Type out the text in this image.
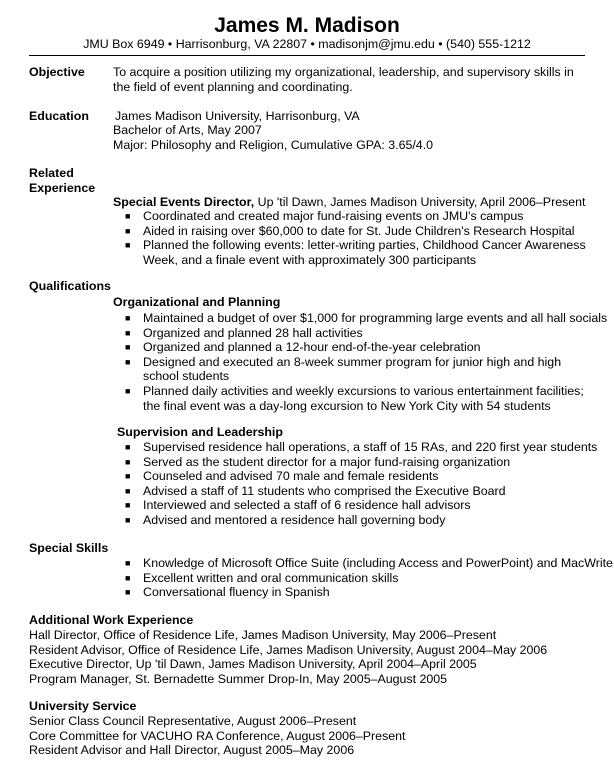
James M. Madison
JMU Box 6949 • Harrisonburg, VA 22807 • madisonjm@jmu.edu • (540) 555-1212
Objective To acquire a position utilizing my organizational, leadership, and supervisory skills in
the field of event planning and coordinating.
Education James Madison University, Harrisonburg, VA
Bachelor of Arts, May 2007
Major: Philosophy and Religion, Cumulative GPA: 3.65/4.0
Related
Experience
Special Events Director, Up 'til Dawn, James Madison University, April 2006–Present
■ Coordinated and created major fund-raising events on JMU's campus
■ Aided in raising over $60,000 to date for St. Jude Children's Research Hospital
■ Planned the following events: letter-writing parties, Childhood Cancer Awareness
Week, and a finale event with approximately 300 participants
Qualifications
Organizational and Planning
■ Maintained a budget of over $1,000 for programming large events and all hall socials
■ Organized and planned 28 hall activities
■ Organized and planned a 12-hour end-of-the-year celebration
■ Designed and executed an 8-week summer program for junior high and high
school students
■ Planned daily activities and weekly excursions to various entertainment facilities;
the final event was a day-long excursion to New York City with 54 students
Supervision and Leadership
■ Supervised residence hall operations, a staff of 15 RAs, and 220 first year students
■ Served as the student director for a major fund-raising organization
■ Counseled and advised 70 male and female residents
■ Advised a staff of 11 students who comprised the Executive Board
■ Interviewed and selected a staff of 6 residence hall advisors
■ Advised and mentored a residence hall governing body
Special Skills
■ Knowledge of Microsoft Office Suite (including Access and PowerPoint) and MacWrite
■ Excellent written and oral communication skills
■ Conversational fluency in Spanish
Additional Work Experience
Hall Director, Office of Residence Life, James Madison University, May 2006–Present
Resident Advisor, Office of Residence Life, James Madison University, August 2004–May 2006
Executive Director, Up 'til Dawn, James Madison University, April 2004–April 2005
Program Manager, St. Bernadette Summer Drop-In, May 2005–August 2005
University Service
Senior Class Council Representative, August 2006–Present
Core Committee for VACUHO RA Conference, August 2006–Present
Resident Advisor and Hall Director, August 2005–May 2006
